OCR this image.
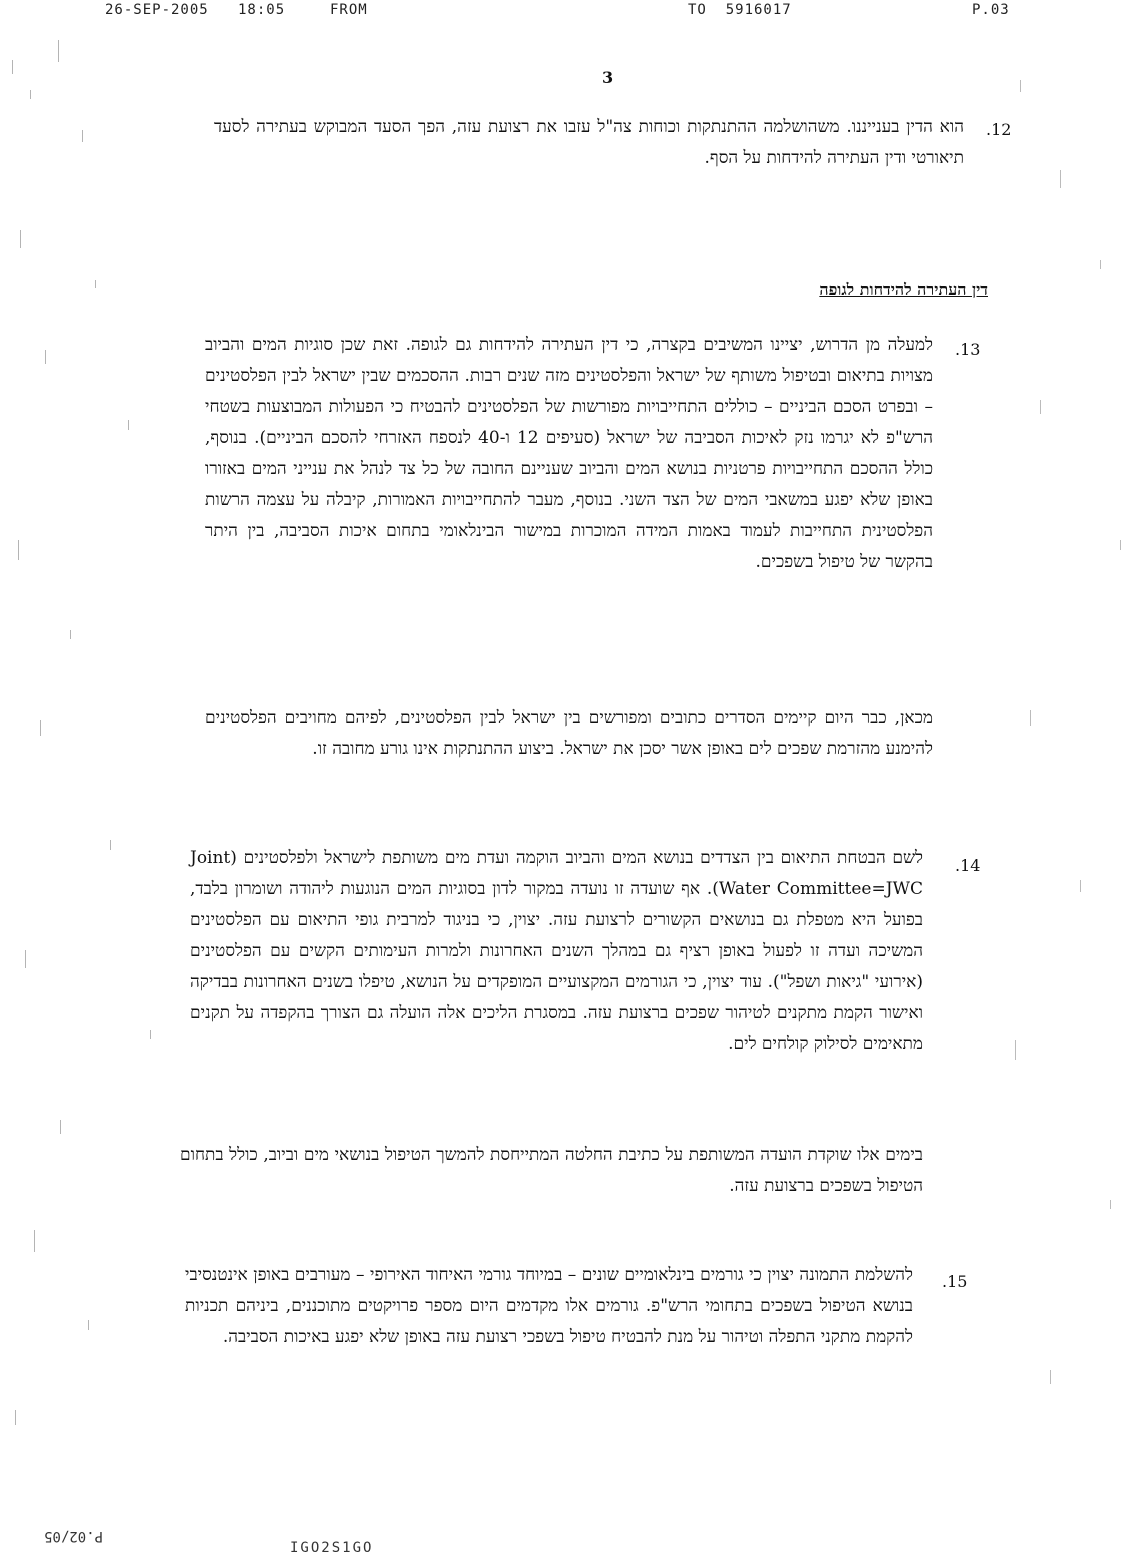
26-SEP-2005 18:05	FROM	TO 5916017	P.03
3
.12
הוא הדין בענייננו. משהושלמה ההתנתקות וכוחות צה"ל עזבו את רצועת עזה, הפך הסעד המבוקש בעתירה לסעד תיאורטי ודין העתירה להידחות על הסף.
דין העתירה להידחות לגופה
.13
למעלה מן הדרוש, יציינו המשיבים בקצרה, כי דין העתירה להידחות גם לגופה. זאת שכן סוגיות המים והביוב מצויות בתיאום ובטיפול משותף של ישראל והפלסטינים מזה שנים רבות. ההסכמים שבין ישראל לבין הפלסטינים – ובפרט הסכם הביניים – כוללים התחייבויות מפורשות של הפלסטינים להבטיח כי הפעולות המבוצעות בשטחי הרש"פ לא יגרמו נזק לאיכות הסביבה של ישראל (סעיפים 12 ו-40 לנספח האזרחי להסכם הביניים). בנוסף, כולל ההסכם התחייבויות פרטניות בנושא המים והביוב שעניינם החובה של כל צד לנהל את ענייני המים באזורו באופן שלא יפגע במשאבי המים של הצד השני. בנוסף, מעבר להתחייבויות האמורות, קיבלה על עצמה הרשות הפלסטינית התחייבות לעמוד באמות המידה המוכרות במישור הבינלאומי בתחום איכות הסביבה, בין היתר בהקשר של טיפול בשפכים.
מכאן, כבר היום קיימים הסדרים כתובים ומפורשים בין ישראל לבין הפלסטינים, לפיהם מחויבים הפלסטינים להימנע מהזרמת שפכים לים באופן אשר יסכן את ישראל. ביצוע ההתנתקות אינו גורע מחובה זו.
.14
לשם הבטחת התיאום בין הצדדים בנושא המים והביוב הוקמה ועדת מים משותפת לישראל ולפלסטינים (Joint Water Committee=JWC). אף שועדה זו נועדה במקור לדון בסוגיות המים הנוגעות ליהודה ושומרון בלבד, בפועל היא מטפלת גם בנושאים הקשורים לרצועת עזה. יצוין, כי בניגוד למרבית גופי התיאום עם הפלסטינים המשיכה ועדה זו לפעול באופן רציף גם במהלך השנים האחרונות ולמרות העימותים הקשים עם הפלסטינים (אירועי "גיאות ושפל"). עוד יצוין, כי הגורמים המקצועיים המופקדים על הנושא, טיפלו בשנים האחרונות בבדיקה ואישור הקמת מתקנים לטיהור שפכים ברצועת עזה. במסגרת הליכים אלה הועלה גם הצורך בהקפדה על תקנים מתאימים לסילוק קולחים לים.
בימים אלו שוקדת הועדה המשותפת על כתיבת החלטה המתייחסת להמשך הטיפול בנושאי מים וביוב, כולל בתחום הטיפול בשפכים ברצועת עזה.
.15
להשלמת התמונה יצוין כי גורמים בינלאומיים שונים – במיוחד גורמי האיחוד האירופי – מעורבים באופן אינטנסיבי בנושא הטיפול בשפכים בתחומי הרש"פ. גורמים אלו מקדמים היום מספר פרויקטים מתוכננים, ביניהם תכניות להקמת מתקני התפלה וטיהור על מנת להבטיח טיפול בשפכי רצועת עזה באופן שלא יפגע באיכות הסביבה.
P.02/05
IGO2S1GO
